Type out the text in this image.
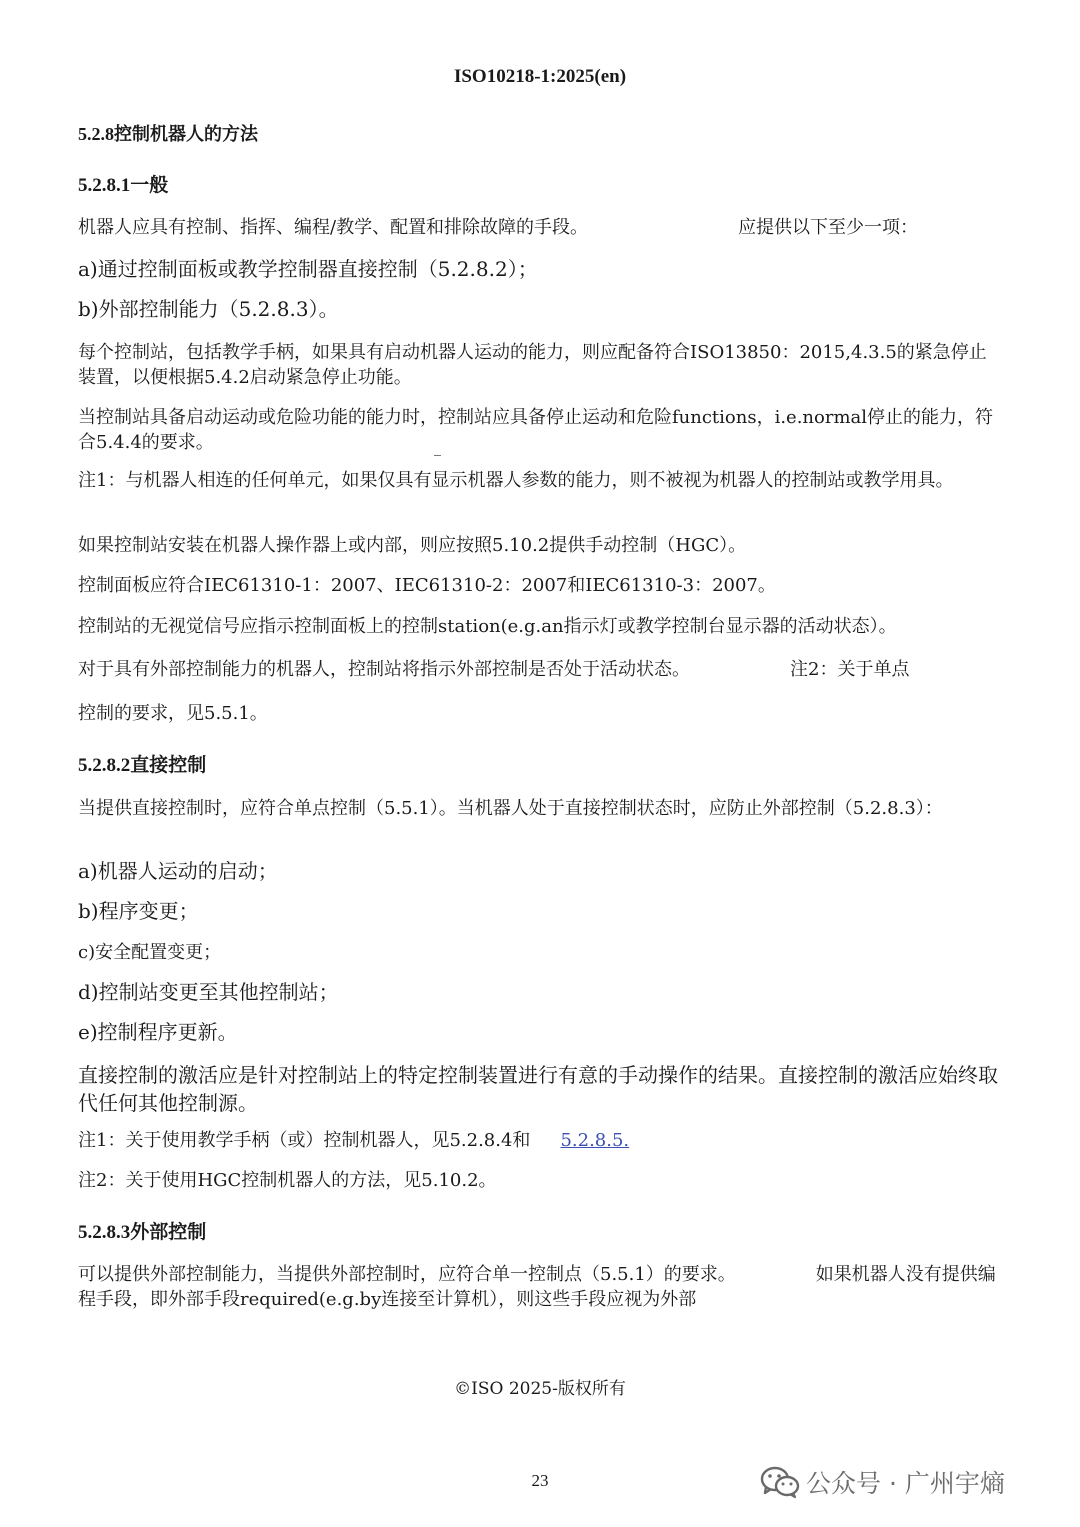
ISO10218-1:2025(en)
5.2.8控制机器人的方法
5.2.8.1一般
机器人应具有控制、指挥、编程/教学、配置和排除故障的手段。	应提供以下至少一项：
a)通过控制面板或教学控制器直接控制（5.2.8.2）；
b)外部控制能力（5.2.8.3）。
每个控制站，包括教学手柄，如果具有启动机器人运动的能力，则应配备符合ISO13850：2015,4.3.5的紧急停止装置，以便根据5.4.2启动紧急停止功能。
当控制站具备启动运动或危险功能的能力时，控制站应具备停止运动和危险functions，i.e.normal停止的能力，符合5.4.4的要求。
注1：与机器人相连的任何单元，如果仅具有显示机器人参数的能力，则不被视为机器人的控制站或教学用具。
如果控制站安装在机器人操作器上或内部，则应按照5.10.2提供手动控制（HGC）。
控制面板应符合IEC61310-1：2007、IEC61310-2：2007和IEC61310-3：2007。
控制站的无视觉信号应指示控制面板上的控制station(e.g.an指示灯或教学控制台显示器的活动状态）。
对于具有外部控制能力的机器人，控制站将指示外部控制是否处于活动状态。	注2：关于单点
控制的要求，见5.5.1。
5.2.8.2直接控制
当提供直接控制时，应符合单点控制（5.5.1）。当机器人处于直接控制状态时，应防止外部控制（5.2.8.3）：
a)机器人运动的启动；
b)程序变更；
c)安全配置变更；
d)控制站变更至其他控制站；
e)控制程序更新。
直接控制的激活应是针对控制站上的特定控制装置进行有意的手动操作的结果。直接控制的激活应始终取代任何其他控制源。
注1：关于使用教学手柄（或）控制机器人，见5.2.8.4和 5.2.8.5.
注2：关于使用HGC控制机器人的方法，见5.10.2。
5.2.8.3外部控制
可以提供外部控制能力，当提供外部控制时，应符合单一控制点（5.5.1）的要求。	如果机器人没有提供编程手段，即外部手段required(e.g.by连接至计算机），则这些手段应视为外部
©ISO 2025-版权所有
23	公众号 · 广州宇熵
